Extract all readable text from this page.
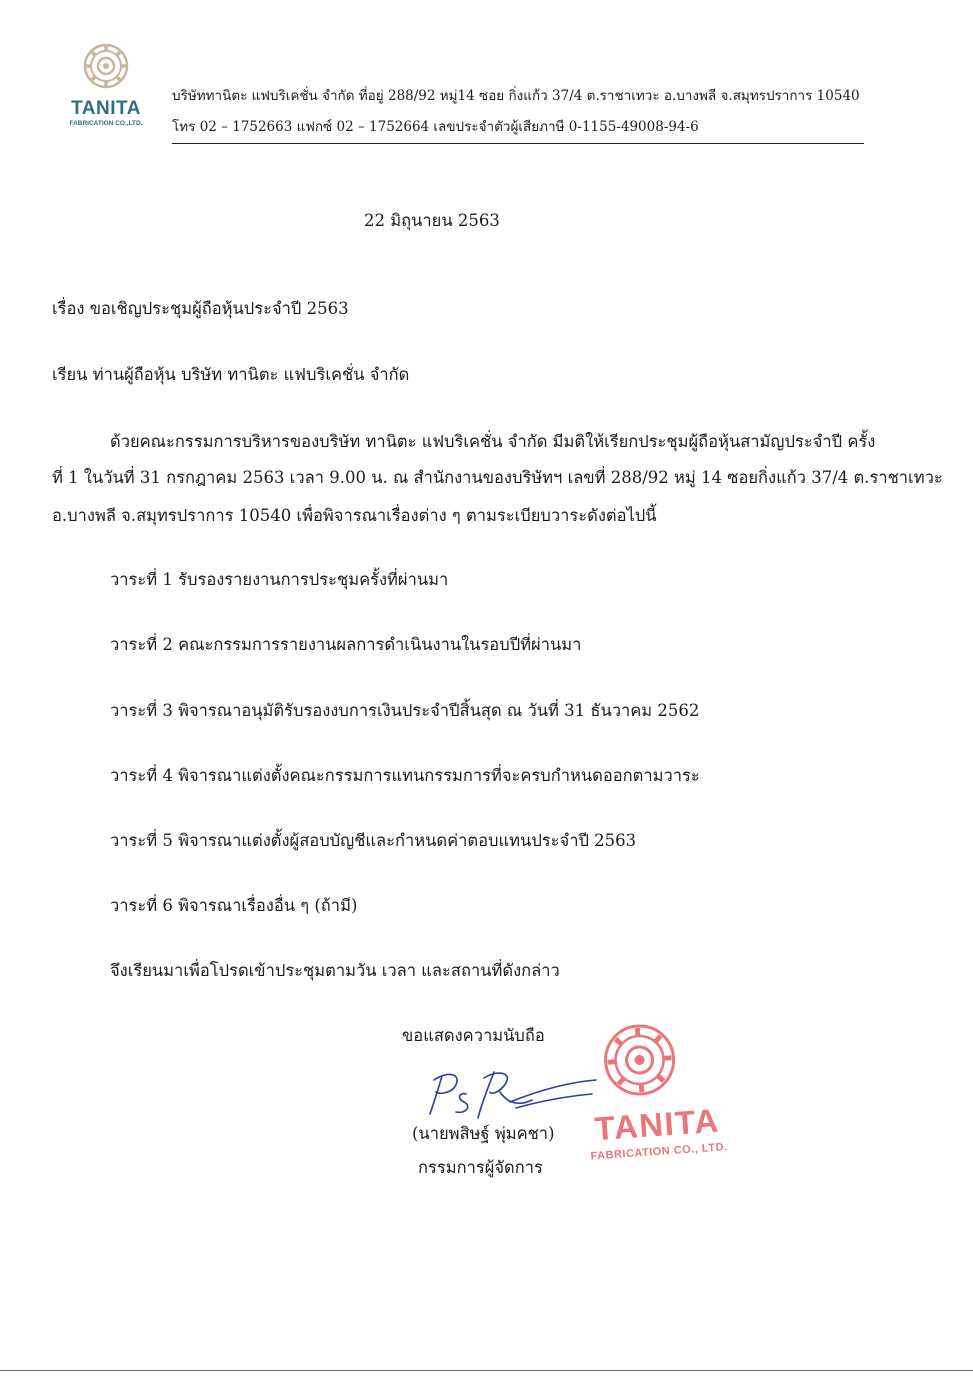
TANITA
FABRICATION CO.,LTD.
บริษัททานิตะ แฟบริเคชั่น จำกัด ที่อยู่ 288/92 หมู่14 ซอย กิ่งแก้ว 37/4 ต.ราชาเทวะ อ.บางพลี จ.สมุทรปราการ 10540
โทร 02 – 1752663 แฟกซ์ 02 – 1752664 เลขประจำตัวผู้เสียภาษี 0-1155-49008-94-6
22 มิถุนายน 2563
เรื่อง ขอเชิญประชุมผู้ถือหุ้นประจำปี 2563
เรียน ท่านผู้ถือหุ้น บริษัท ทานิตะ แฟบริเคชั่น จำกัด
ด้วยคณะกรรมการบริหารของบริษัท ทานิตะ แฟบริเคชั่น จำกัด มีมติให้เรียกประชุมผู้ถือหุ้นสามัญประจำปี ครั้ง
ที่ 1 ในวันที่ 31 กรกฎาคม 2563 เวลา 9.00 น. ณ สำนักงานของบริษัทฯ เลขที่ 288/92 หมู่ 14 ซอยกิ่งแก้ว 37/4 ต.ราชาเทวะ
อ.บางพลี จ.สมุทรปราการ 10540 เพื่อพิจารณาเรื่องต่าง ๆ ตามระเบียบวาระดังต่อไปนี้
วาระที่ 1 รับรองรายงานการประชุมครั้งที่ผ่านมา
วาระที่ 2 คณะกรรมการรายงานผลการดำเนินงานในรอบปีที่ผ่านมา
วาระที่ 3 พิจารณาอนุมัติรับรองงบการเงินประจำปีสิ้นสุด ณ วันที่ 31 ธันวาคม 2562
วาระที่ 4 พิจารณาแต่งตั้งคณะกรรมการแทนกรรมการที่จะครบกำหนดออกตามวาระ
วาระที่ 5 พิจารณาแต่งตั้งผู้สอบบัญชีและกำหนดค่าตอบแทนประจำปี 2563
วาระที่ 6 พิจารณาเรื่องอื่น ๆ (ถ้ามี)
จึงเรียนมาเพื่อโปรดเข้าประชุมตามวัน เวลา และสถานที่ดังกล่าว
ขอแสดงความนับถือ
(นายพสิษฐ์ พุ่มคชา)
กรรมการผู้จัดการ
TANITA
FABRICATION CO., LTD.
